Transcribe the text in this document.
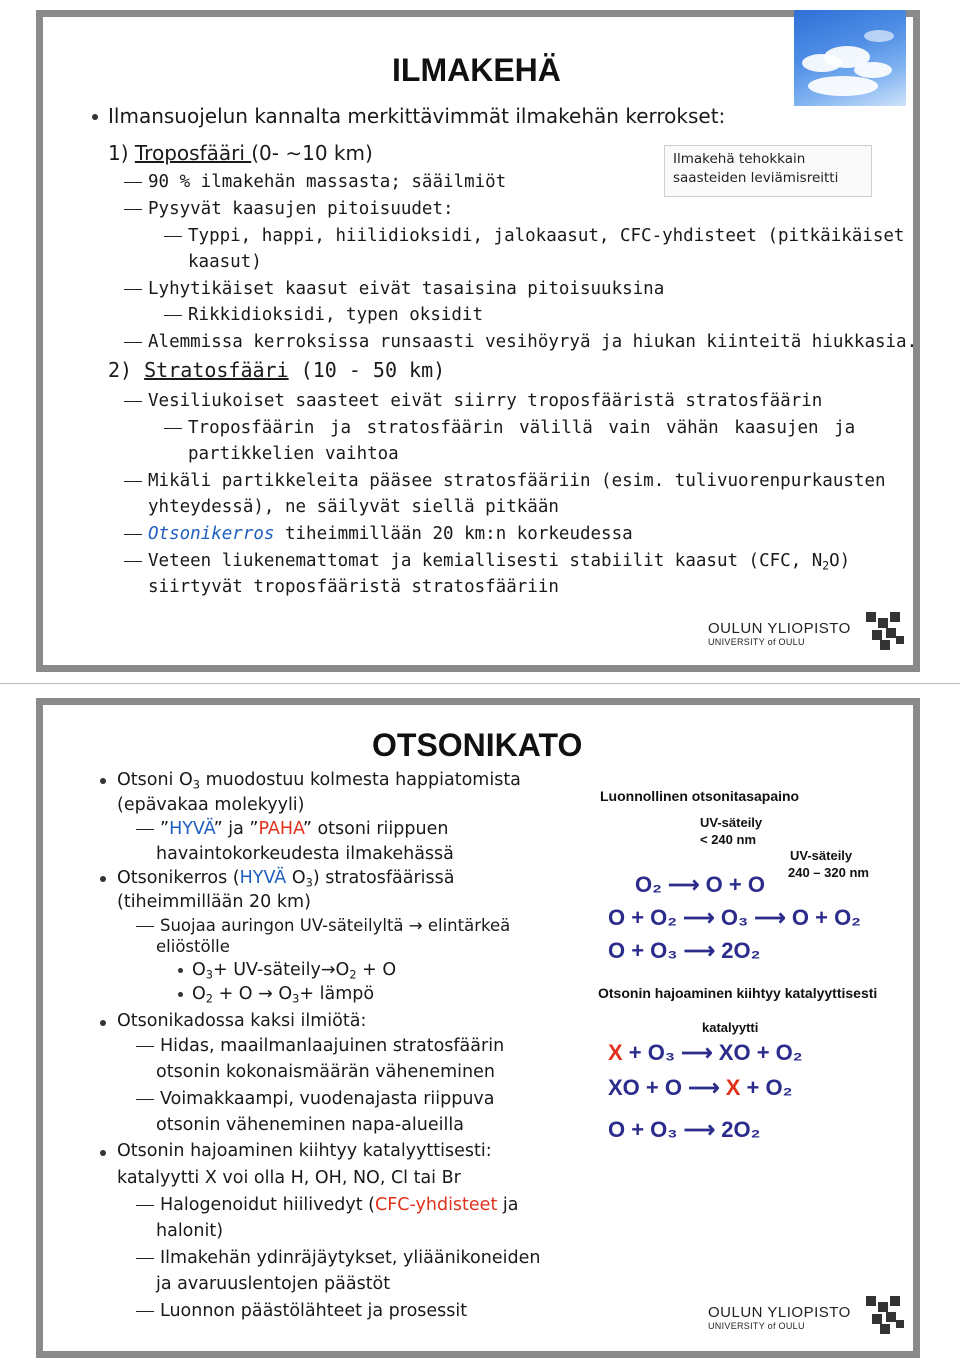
ILMAKEHÄ
Ilmansuojelun kannalta merkittävimmät ilmakehän kerrokset:
1) Troposfääri (0- ∼10 km)	Ilmakehä tehokkain
saasteiden leviämisreitti
90 % ilmakehän massasta; sääilmiöt
Pysyvät kaasujen pitoisuudet:
Typpi, happi, hiilidioksidi, jalokaasut, CFC-yhdisteet (pitkäikäiset
kaasut)
Lyhytikäiset kaasut eivät tasaisina pitoisuuksina
Rikkidioksidi, typen oksidit
Alemmissa kerroksissa runsaasti vesihöyryä ja hiukan kiinteitä hiukkasia.
2) Stratosfääri (10 - 50 km)
Vesiliukoiset saasteet eivät siirry troposfääristä stratosfäärin
Troposfäärin ja stratosfäärin välillä vain vähän kaasujen ja
partikkelien vaihtoa
Mikäli partikkeleita pääsee stratosfääriin (esim. tulivuorenpurkausten
yhteydessä), ne säilyvät siellä pitkään
Otsonikerros tiheimmillään 20 km:n korkeudessa
Veteen liukenemattomat ja kemiallisesti stabiilit kaasut (CFC, $N_2O$)
siirtyvät troposfääristä stratosfääriin
OULUN YLIOPISTO
UNIVERSITY of OULU
OTSONIKATO
Otsoni $O_3$ muodostuu kolmesta happiatomista
(epävakaa molekyyli)
”HYVÄ” ja ”PAHA” otsoni riippuen
havaintokorkeudesta ilmakehässä
Otsonikerros (HYVÄ $O_3$) stratosfäärissä
(tiheimmillään 20 km)
Suojaa auringon UV-säteilyltä → elintärkeä
eliöstölle
$O_3+$ $UV-säteily\to O_2 + O$
$O_2 + O \to O_3+$ lämpö
Otsonikadossa kaksi ilmiötä:
Hidas, maailmanlaajuinen stratosfäärin
otsonin kokonaismäärän väheneminen
Voimakkaampi, vuodenajasta riippuva
otsonin väheneminen napa-alueilla
Otsonin hajoaminen kiihtyy katalyyttisesti:
katalyytti X voi olla H, OH, NO, Cl tai Br
Halogenoidut hiilivedyt (CFC-yhdisteet ja
halonit)
Ilmakehän ydinräjäytykset, yliäänikoneiden
ja avaruuslentojen päästöt
Luonnon päästölähteet ja prosessit
Luonnollinen otsonitasapaino
UV-säteily
< 240 nm
UV-säteily
240 – 320 nm
O₂ ⟶ O + O
O + O₂ ⟶ O₃ ⟶ O + O₂
O + O₃ ⟶ 2O₂
Otsonin hajoaminen kiihtyy katalyyttisesti
katalyytti
X + O₃ ⟶ XO + O₂
XO + O ⟶ X + O₂
O + O₃ ⟶ 2O₂
OULUN YLIOPISTO
UNIVERSITY of OULU
